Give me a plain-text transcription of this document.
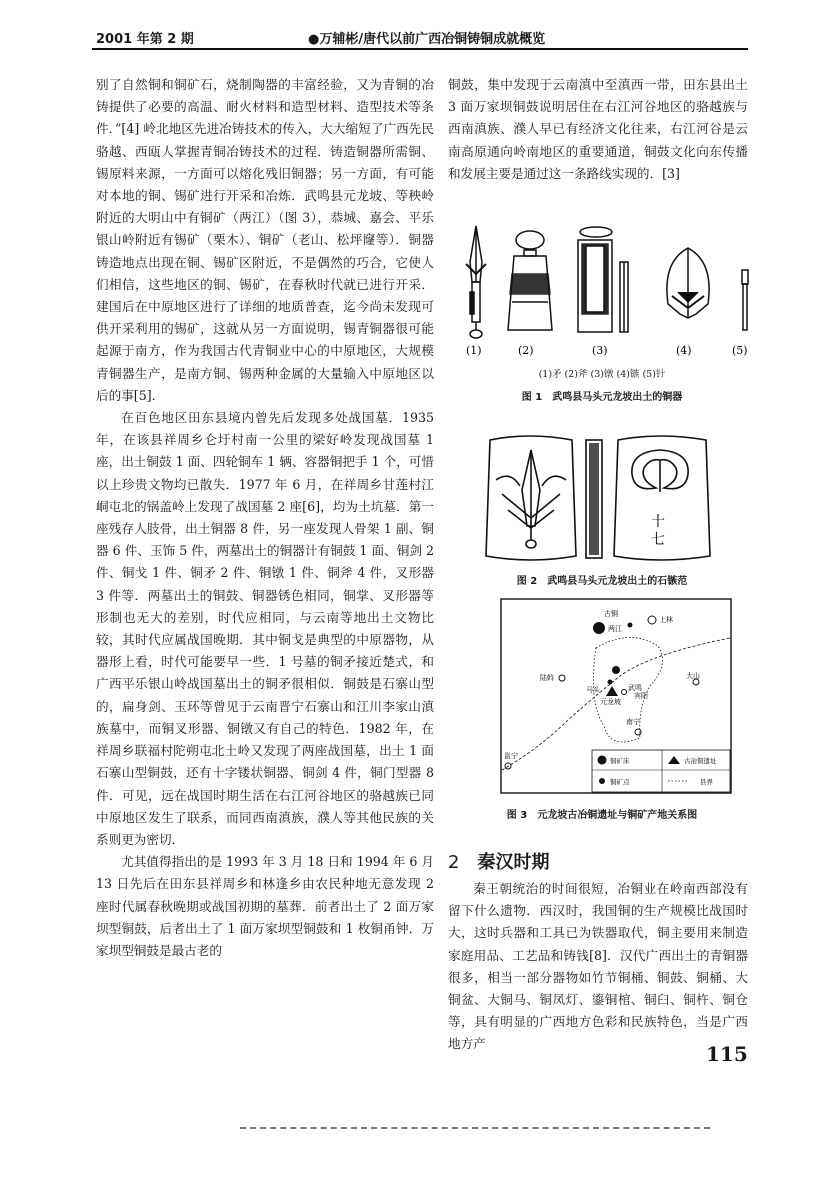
2001 年第 2 期	●万辅彬/唐代以前广西冶铜铸铜成就概览

别了自然铜和铜矿石，烧制陶器的丰富经验，又为青铜的冶铸提供了必要的高温、耐火材料和造型材料、造型技术等条件．”[4] 岭北地区先进冶铸技术的传入，大大缩短了广西先民骆越、西瓯人掌握青铜冶铸技术的过程．铸造铜器所需铜、锡原料来源，一方面可以熔化残旧铜器；另一方面，有可能对本地的铜、锡矿进行开采和冶炼．武鸣县元龙坡、等秧岭附近的大明山中有铜矿（两江）（图 3），恭城、嘉会、平乐银山岭附近有锡矿（栗木）、铜矿（老山、松坪窿等）．铜器铸造地点出现在铜、锡矿区附近，不是偶然的巧合，它使人们相信，这些地区的铜、锡矿，在春秋时代就已进行开采．建国后在中原地区进行了详细的地质普查，迄今尚未发现可供开采利用的锡矿，这就从另一方面说明，锡青铜器很可能起源于南方，作为我国古代青铜业中心的中原地区，大规模青铜器生产，是南方铜、锡两种金属的大量输入中原地区以后的事[5]．

在百色地区田东县境内曾先后发现多处战国墓．1935 年，在该县祥周乡仑圩村南一公里的梁好岭发现战国墓 1 座，出土铜鼓 1 面、四轮铜车 1 辆、容器铜把手 1 个，可惜以上珍贵文物均已散失．1977 年 6 月，在祥周乡甘莲村江峒屯北的锅盖岭上发现了战国墓 2 座[6]，均为土坑墓．第一座残存人肢骨，出土铜器 8 件，另一座发现人骨架 1 副、铜器 6 件、玉饰 5 件，两墓出土的铜器计有铜鼓 1 面、铜剑 2 件、铜戈 1 件、铜矛 2 件、铜镦 1 件、铜斧 4 件，叉形器 3 件等．两墓出土的铜鼓、铜器锈色相同，铜掌、叉形器等形制也无大的差别，时代应相同，与云南等地出土文物比较，其时代应属战国晚期．其中铜戈是典型的中原器物，从器形上看，时代可能要早一些．1 号墓的铜矛接近楚式，和广西平乐银山岭战国墓出土的铜矛很相似．铜鼓是石寨山型的，扁身剑、玉环等曾见于云南晋宁石寨山和江川李家山滇族墓中，而铜叉形器、铜镦又有自己的特色．1982 年，在祥周乡联福村陀朔屯北土岭又发现了两座战国墓，出土 1 面石寨山型铜鼓，还有十字镂状铜器、铜剑 4 件，铜门型器 8 件．可见，远在战国时期生活在右江河谷地区的骆越族已同中原地区发生了联系，而同西南滇族，濮人等其他民族的关系则更为密切．

尤其值得指出的是 1993 年 3 月 18 日和 1994 年 6 月 13 日先后在田东县祥周乡和林逢乡由农民种地无意发现 2 座时代属春秋晚期或战国初期的墓葬．前者出土了 2 面万家坝型铜鼓，后者出土了 1 面万家坝型铜鼓和 1 枚铜甬钟．万家坝型铜鼓是最古老的

铜鼓，集中发现于云南滇中至滇西一带，田东县出土 3 面万家坝铜鼓说明居住在右江河谷地区的骆越族与西南滇族、濮人早已有经济文化往来，右江河谷是云南高原通向岭南地区的重要通道，铜鼓文化向东传播和发展主要是通过这一条路线实现的．[3]

(1)	(2)	(3)	(4)	(5)
(1)矛 (2)斧 (3)镦 (4)镞 (5)针
图 1　武鸣县马头元龙坡出土的铜器
十七
图 2　武鸣县马头元龙坡出土的石镞范
古铜
两江
上林
陆斡
马头
元龙坡
武鸣
宾阳
大山
南宁
邕宁
铜矿床	古冶铜遗址
铜矿点	县界
图 3　元龙坡古冶铜遗址与铜矿产地关系图
2 秦汉时期

秦王朝统治的时间很短，冶铜业在岭南西部没有留下什么遗物．西汉时，我国铜的生产规模比战国时大，这时兵器和工具已为铁器取代，铜主要用来制造家庭用品、工艺品和铸钱[8]．汉代广西出土的青铜器很多，相当一部分器物如竹节铜桶、铜鼓、铜桶、大铜盆、大铜马、铜凤灯、鎏铜棺、铜臼、铜杵、铜仓等，具有明显的广西地方色彩和民族特色，当是广西地方产	115
